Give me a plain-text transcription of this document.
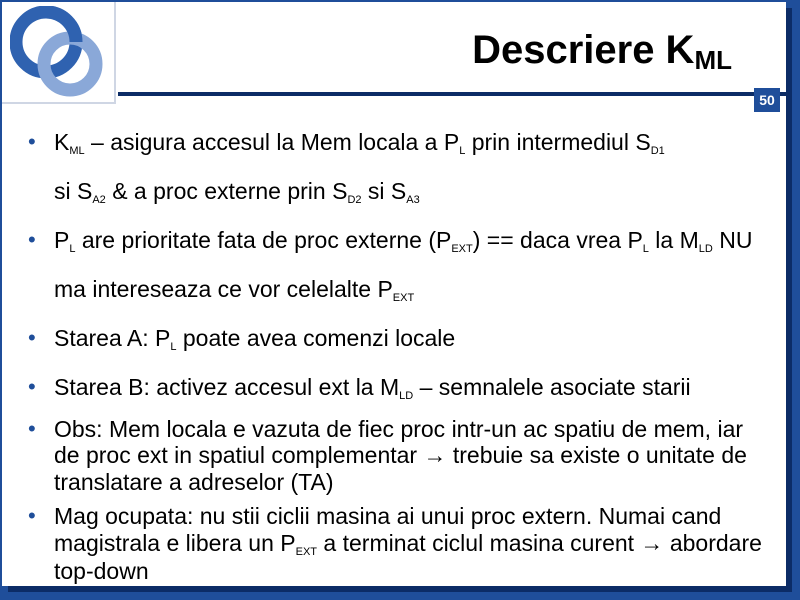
Descriere $K_{ML}$
50
• $K_{ML}$ – asigura accesul la Mem locala a $P_L$ prin intermediul $S_{D1}$
si $S_{A2}$ & a proc externe prin $S_{D2}$ si $S_{A3}$
• $P_L$ are prioritate fata de proc externe $(P_{EXT})$ == daca vrea $P_L$ la $M_{LD}$ NU ma intereseaza ce vor celelalte $P_{EXT}$
• Starea A: $P_L$ poate avea comenzi locale
• Starea B: activez accesul ext la $M_{LD}$ – semnalele asociate starii
• Obs: Mem locala e vazuta de fiec proc intr-un ac spatiu de mem, iar de proc ext in spatiul complementar → trebuie sa existe o unitate de translatare a adreselor (TA)
• Mag ocupata: nu stii ciclii masina ai unui proc extern. Numai cand magistrala e libera un $P_{EXT}$ a terminat ciclul masina curent → abordare top-down
